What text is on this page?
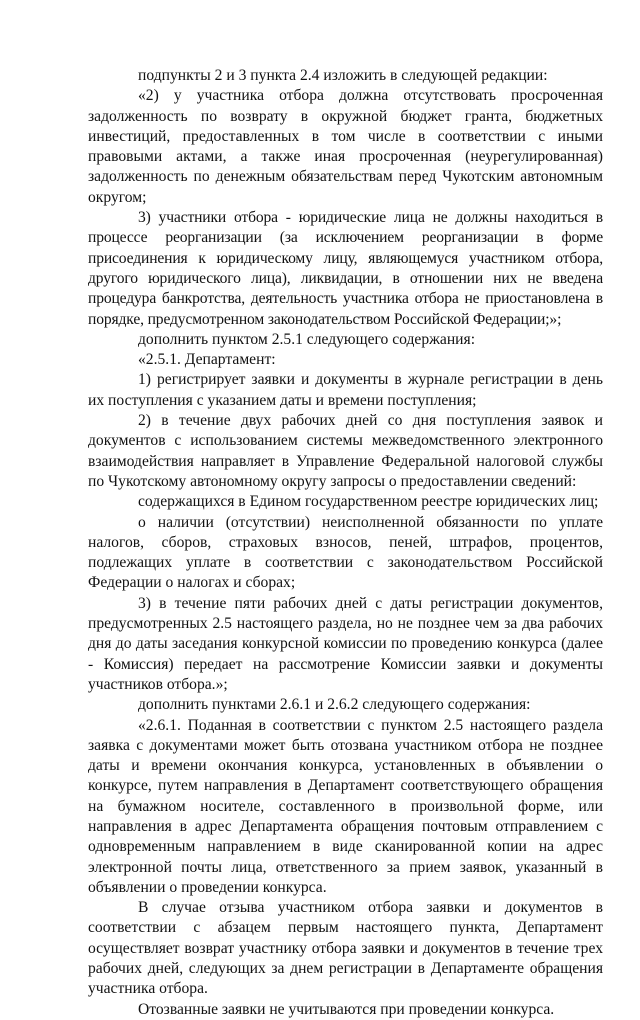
подпункты 2 и 3 пункта 2.4 изложить в следующей редакции:

«2) у участника отбора должна отсутствовать просроченная задолженность по возврату в окружной бюджет гранта, бюджетных инвестиций, предоставленных в том числе в соответствии с иными правовыми актами, а также иная просроченная (неурегулированная) задолженность по денежным обязательствам перед Чукотским автономным округом;

3) участники отбора - юридические лица не должны находиться в процессе реорганизации (за исключением реорганизации в форме присоединения к юридическому лицу, являющемуся участником отбора, другого юридического лица), ликвидации, в отношении них не введена процедура банкротства, деятельность участника отбора не приостановлена в порядке, предусмотренном законодательством Российской Федерации;»;

дополнить пунктом 2.5.1 следующего содержания:

«2.5.1. Департамент:

1) регистрирует заявки и документы в журнале регистрации в день их поступления с указанием даты и времени поступления;

2) в течение двух рабочих дней со дня поступления заявок и документов с использованием системы межведомственного электронного взаимодействия направляет в Управление Федеральной налоговой службы по Чукотскому автономному округу запросы о предоставлении сведений:

содержащихся в Едином государственном реестре юридических лиц;

о наличии (отсутствии) неисполненной обязанности по уплате налогов, сборов, страховых взносов, пеней, штрафов, процентов, подлежащих уплате в соответствии с законодательством Российской Федерации о налогах и сборах;

3) в течение пяти рабочих дней с даты регистрации документов, предусмотренных 2.5 настоящего раздела, но не позднее чем за два рабочих дня до даты заседания конкурсной комиссии по проведению конкурса (далее - Комиссия) передает на рассмотрение Комиссии заявки и документы участников отбора.»;

дополнить пунктами 2.6.1 и 2.6.2 следующего содержания:

«2.6.1. Поданная в соответствии с пунктом 2.5 настоящего раздела заявка с документами может быть отозвана участником отбора не позднее даты и времени окончания конкурса, установленных в объявлении о конкурсе, путем направления в Департамент соответствующего обращения на бумажном носителе, составленного в произвольной форме, или направления в адрес Департамента обращения почтовым отправлением с одновременным направлением в виде сканированной копии на адрес электронной почты лица, ответственного за прием заявок, указанный в объявлении о проведении конкурса.

В случае отзыва участником отбора заявки и документов в соответствии с абзацем первым настоящего пункта, Департамент осуществляет возврат участнику отбора заявки и документов в течение трех рабочих дней, следующих за днем регистрации в Департаменте обращения участника отбора.

Отозванные заявки не учитываются при проведении конкурса.
